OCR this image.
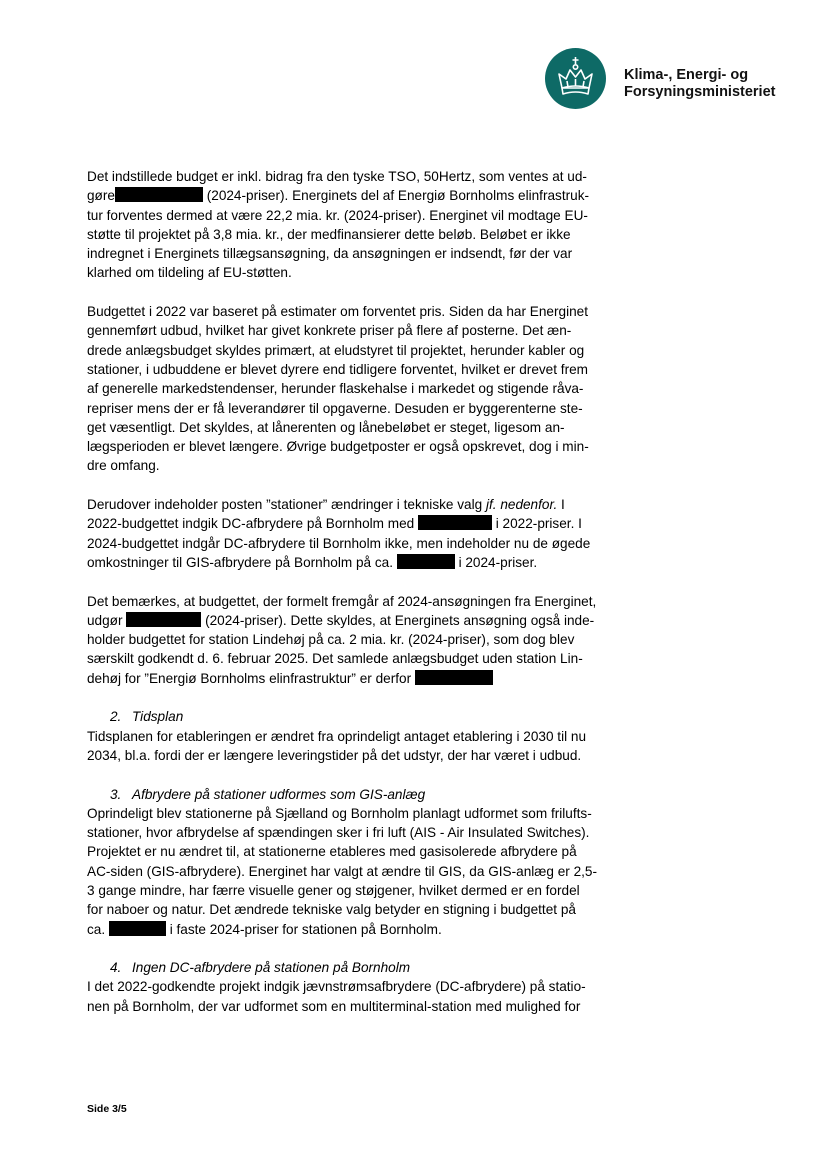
Klima-, Energi- og
Forsyningsministeriet

Det indstillede budget er inkl. bidrag fra den tyske TSO, 50Hertz, som ventes at ud-
gøre	(2024-priser). Energinets del af Energiø Bornholms elinfrastruk-
tur forventes dermed at være 22,2 mia. kr. (2024-priser). Energinet vil modtage EU-
støtte til projektet på 3,8 mia. kr., der medfinansierer dette beløb. Beløbet er ikke
indregnet i Energinets tillægsansøgning, da ansøgningen er indsendt, før der var
klarhed om tildeling af EU-støtten.

Budgettet i 2022 var baseret på estimater om forventet pris. Siden da har Energinet
gennemført udbud, hvilket har givet konkrete priser på flere af posterne. Det æn-
drede anlægsbudget skyldes primært, at eludstyret til projektet, herunder kabler og
stationer, i udbuddene er blevet dyrere end tidligere forventet, hvilket er drevet frem
af generelle markedstendenser, herunder flaskehalse i markedet og stigende råva-
repriser mens der er få leverandører til opgaverne. Desuden er byggerenterne ste-
get væsentligt. Det skyldes, at lånerenten og lånebeløbet er steget, ligesom an-
lægsperioden er blevet længere. Øvrige budgetposter er også opskrevet, dog i min-
dre omfang.

Derudover indeholder posten ”stationer” ændringer i tekniske valg jf. nedenfor. I
2022-budgettet indgik DC-afbrydere på Bornholm med	i 2022-priser. I
2024-budgettet indgår DC-afbrydere til Bornholm ikke, men indeholder nu de øgede
omkostninger til GIS-afbrydere på Bornholm på ca.	i 2024-priser.

Det bemærkes, at budgettet, der formelt fremgår af 2024-ansøgningen fra Energinet,
udgør	(2024-priser). Dette skyldes, at Energinets ansøgning også inde-
holder budgettet for station Lindehøj på ca. 2 mia. kr. (2024-priser), som dog blev
særskilt godkendt d. 6. februar 2025. Det samlede anlægsbudget uden station Lin-
dehøj for ”Energiø Bornholms elinfrastruktur” er derfor

2. Tidsplan

Tidsplanen for etableringen er ændret fra oprindeligt antaget etablering i 2030 til nu
2034, bl.a. fordi der er længere leveringstider på det udstyr, der har været i udbud.

3. Afbrydere på stationer udformes som GIS-anlæg

Oprindeligt blev stationerne på Sjælland og Bornholm planlagt udformet som frilufts-
stationer, hvor afbrydelse af spændingen sker i fri luft (AIS - Air Insulated Switches).
Projektet er nu ændret til, at stationerne etableres med gasisolerede afbrydere på
AC-siden (GIS-afbrydere). Energinet har valgt at ændre til GIS, da GIS-anlæg er 2,5-
3 gange mindre, har færre visuelle gener og støjgener, hvilket dermed er en fordel
for naboer og natur. Det ændrede tekniske valg betyder en stigning i budgettet på
ca.	i faste 2024-priser for stationen på Bornholm.

4. Ingen DC-afbrydere på stationen på Bornholm

I det 2022-godkendte projekt indgik jævnstrømsafbrydere (DC-afbrydere) på statio-
nen på Bornholm, der var udformet som en multiterminal-station med mulighed for

Side 3/5
